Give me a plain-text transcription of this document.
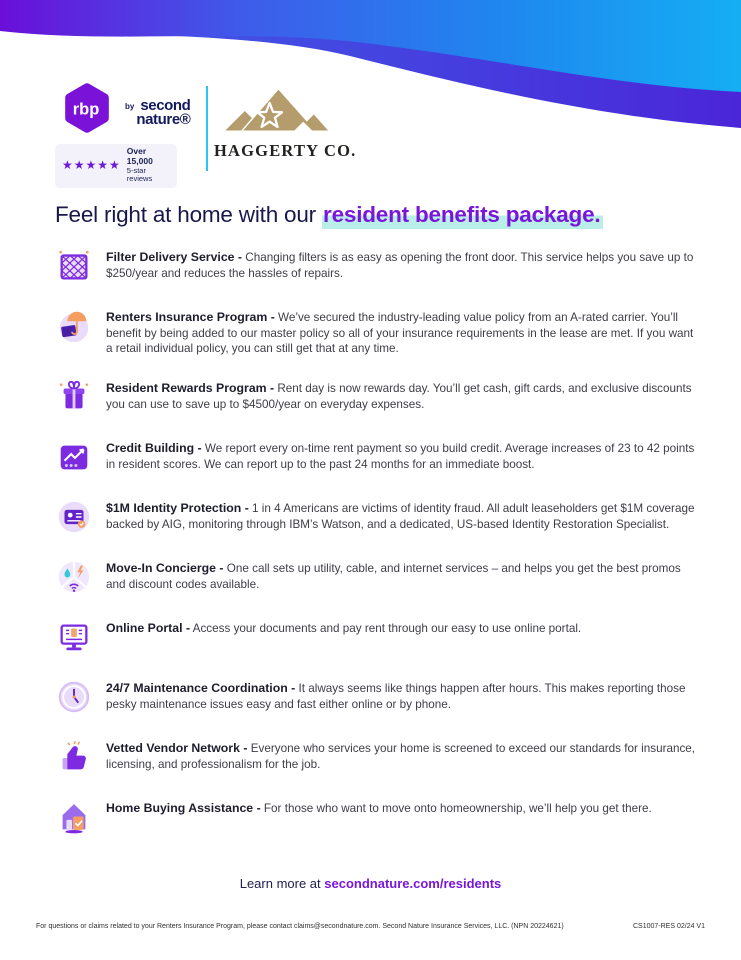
rbp	by second
nature®
★★★★★
Over 15,000
5-star reviews
HAGGERTY CO.
Feel right at home with our resident benefits package.

Filter Delivery Service - Changing filters is as easy as opening the front door. This service helps you save up to $250/year and reduces the hassles of repairs.

Renters Insurance Program - We’ve secured the industry-leading value policy from an A-rated carrier. You’ll benefit by being added to our master policy so all of your insurance requirements in the lease are met. If you want a retail individual policy, you can still get that at any time.

Resident Rewards Program - Rent day is now rewards day. You’ll get cash, gift cards, and exclusive discounts you can use to save up to $4500/year on everyday expenses.

Credit Building - We report every on-time rent payment so you build credit. Average increases of 23 to 42 points in resident scores. We can report up to the past 24 months for an immediate boost.

$1M Identity Protection - 1 in 4 Americans are victims of identity fraud. All adult leaseholders get $1M coverage backed by AIG, monitoring through IBM’s Watson, and a dedicated, US-based Identity Restoration Specialist.

Move-In Concierge - One call sets up utility, cable, and internet services – and helps you get the best promos and discount codes available.

Online Portal - Access your documents and pay rent through our easy to use online portal.

24/7 Maintenance Coordination - It always seems like things happen after hours. This makes reporting those pesky maintenance issues easy and fast either online or by phone.

Vetted Vendor Network - Everyone who services your home is screened to exceed our standards for insurance, licensing, and professionalism for the job.

Home Buying Assistance - For those who want to move onto homeownership, we’ll help you get there.

Learn more at secondnature.com/residents
For questions or claims related to your Renters Insurance Program, please contact claims@secondnature.com. Second Nature Insurance Services, LLC. (NPN 20224621)	CS1007-RES 02/24 V1
